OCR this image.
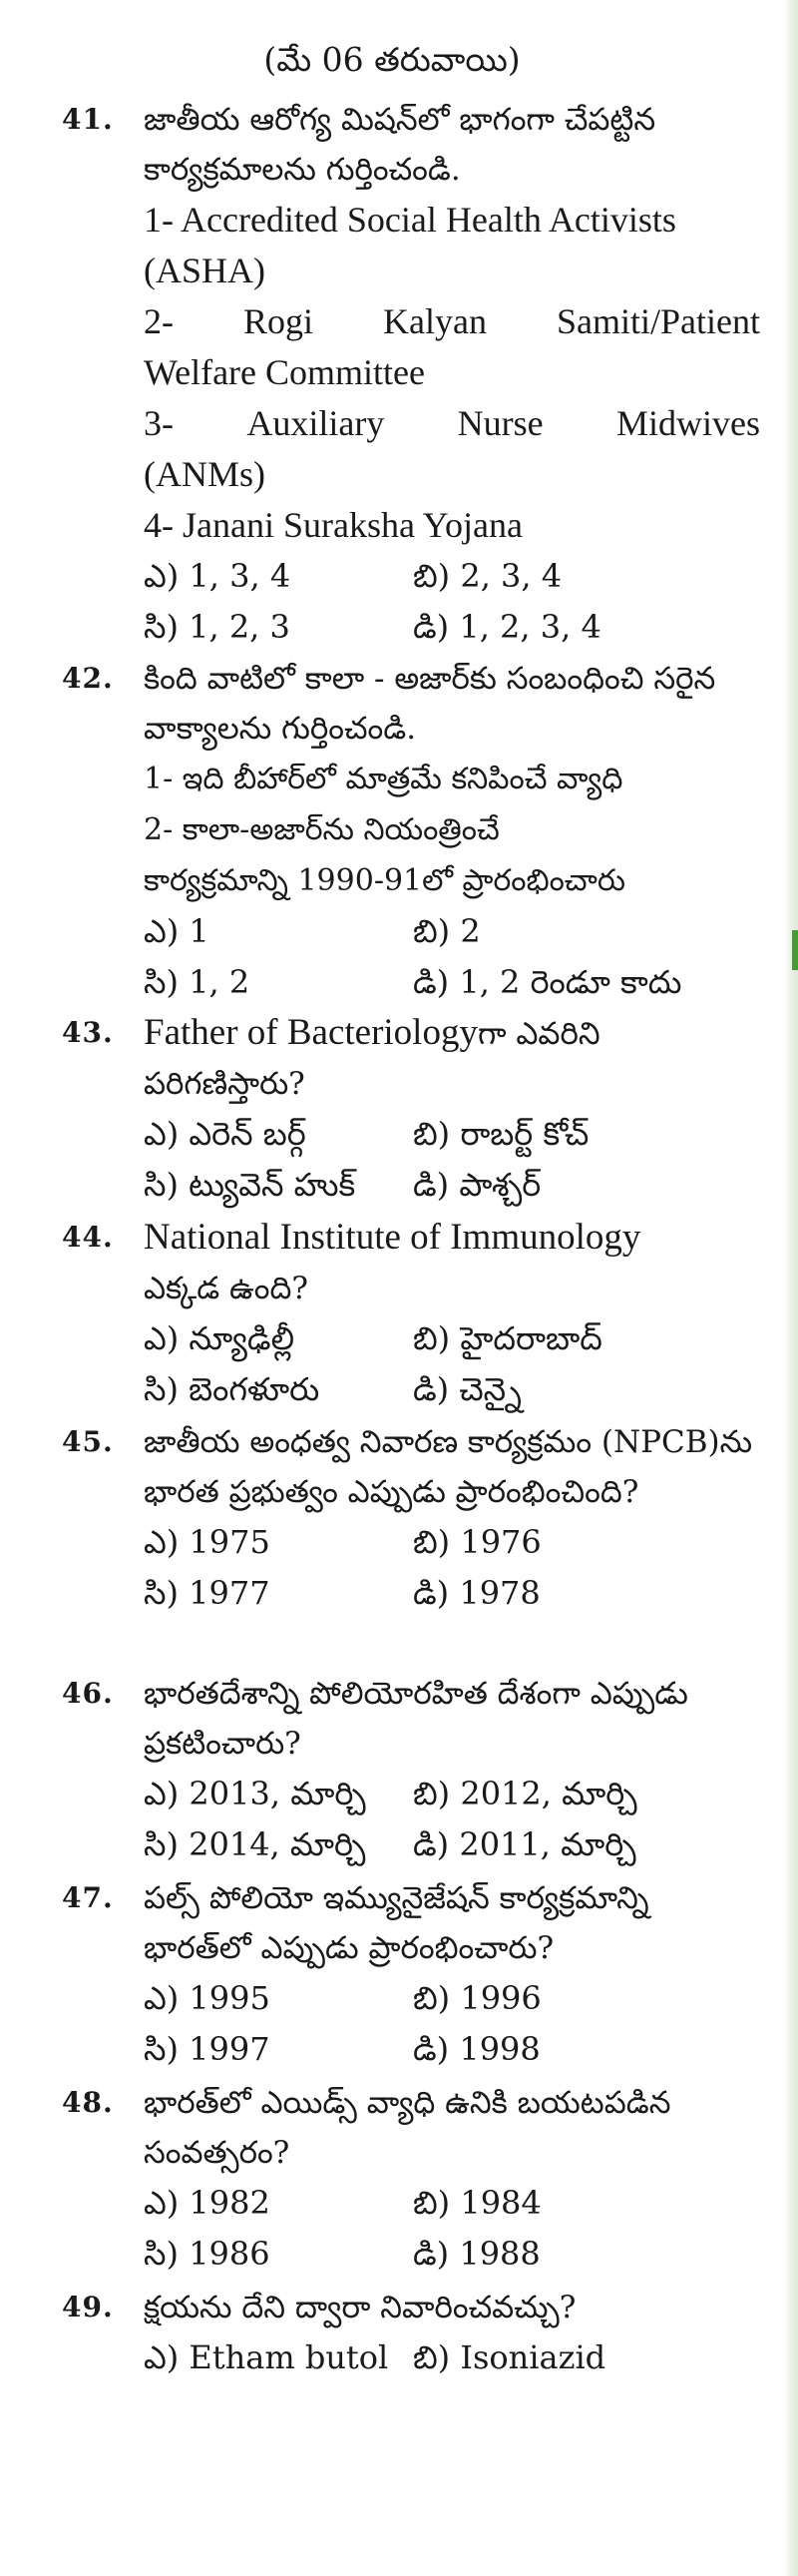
(మే 06 తరువాయి)
41. జాతీయ ఆరోగ్య మిషన్‌లో భాగంగా చేపట్టిన కార్యక్రమాలను గుర్తించండి.
1- Accredited Social Health Activists
(ASHA)
2- Rogi Kalyan Samiti/Patient
Welfare Committee
3- Auxiliary Nurse Midwives
(ANMs)
4- Janani Suraksha Yojana
ఎ) 1, 3, 4	బి) 2, 3, 4
సి) 1, 2, 3	డి) 1, 2, 3, 4
42. కింది వాటిలో కాలా - అజార్‌కు సంబంధించి సరైన వాక్యాలను గుర్తించండి.
1- ఇది బీహార్‌లో మాత్రమే కనిపించే వ్యాధి
2- కాలా-అజార్‌ను నియంత్రించే
కార్యక్రమాన్ని 1990-91లో ప్రారంభించారు
ఎ) 1	బి) 2
సి) 1, 2	డి) 1, 2 రెండూ కాదు
43. Father of Bacteriologyగా ఎవరిని పరిగణిస్తారు?
ఎ) ఎరెన్ బర్గ్	బి) రాబర్ట్ కోచ్
సి) ట్యువెన్ హుక్	డి) పాశ్చర్
44. National Institute of Immunology
ఎక్కడ ఉంది?
ఎ) న్యూఢిల్లీ	బి) హైదరాబాద్
సి) బెంగళూరు	డి) చెన్నై
45. జాతీయ అంధత్వ నివారణ కార్యక్రమం (NPCB)ను భారత ప్రభుత్వం ఎప్పుడు ప్రారంభించింది?
ఎ) 1975	బి) 1976
సి) 1977	డి) 1978
46. భారతదేశాన్ని పోలియోరహిత దేశంగా ఎప్పుడు ప్రకటించారు?
ఎ) 2013, మార్చి	బి) 2012, మార్చి
సి) 2014, మార్చి	డి) 2011, మార్చి
47. పల్స్ పోలియో ఇమ్యునైజేషన్ కార్యక్రమాన్ని భారత్‌లో ఎప్పుడు ప్రారంభించారు?
ఎ) 1995	బి) 1996
సి) 1997	డి) 1998
48. భారత్‌లో ఎయిడ్స్ వ్యాధి ఉనికి బయటపడిన సంవత్సరం?
ఎ) 1982	బి) 1984
సి) 1986	డి) 1988
49. క్షయను దేని ద్వారా నివారించవచ్చు?
ఎ) Etham butol బి) Isoniazid
